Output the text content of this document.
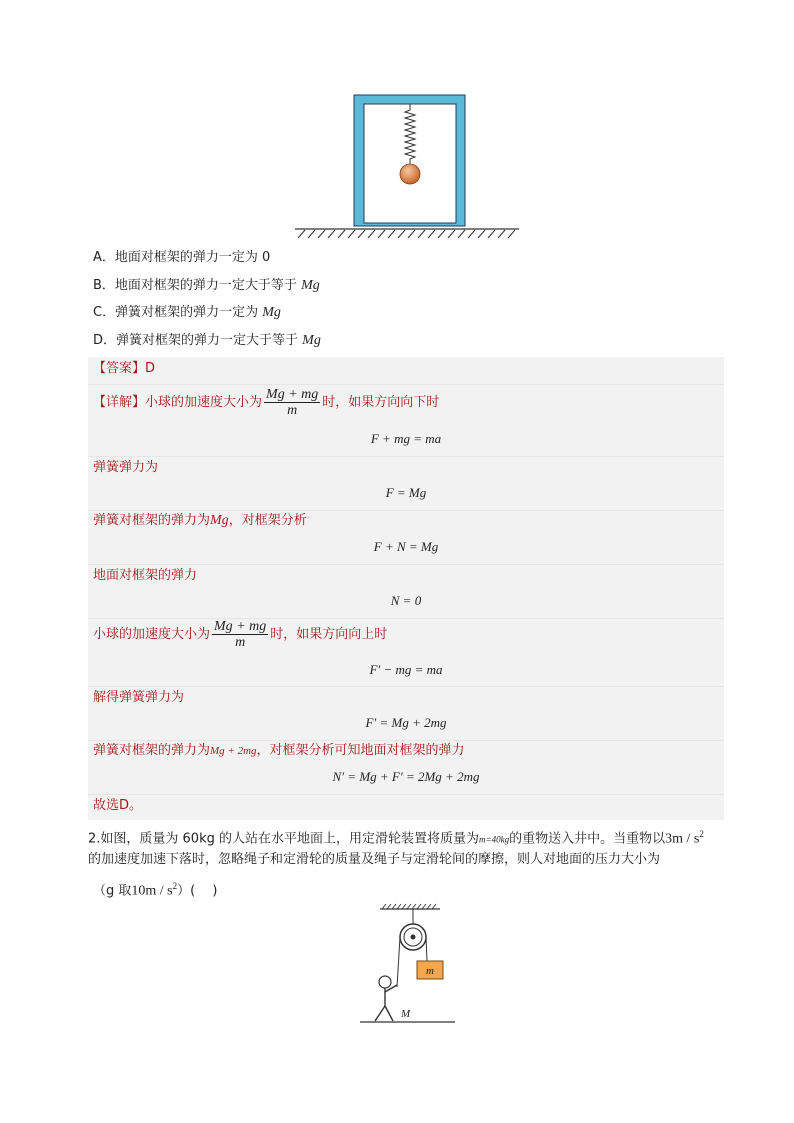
A．地面对框架的弹力一定为 0
B．地面对框架的弹力一定大于等于 Mg
C．弹簧对框架的弹力一定为 Mg
D．弹簧对框架的弹力一定大于等于 Mg
【答案】D
【详解】小球的加速度大小为 $\frac{Mg + mg}{m}$ 时，如果方向向下时
F + mg = ma
弹簧弹力为
F = Mg
弹簧对框架的弹力为Mg，对框架分析
F + N = Mg
地面对框架的弹力
N = 0
小球的加速度大小为 $\frac{Mg + mg}{m}$ 时，如果方向向上时
F′ − mg = ma
解得弹簧弹力为
F′ = Mg + 2mg
弹簧对框架的弹力为Mg + 2mg，对框架分析可知地面对框架的弹力
N′ = Mg + F′ = 2Mg + 2mg
故选D。
2.如图，质量为 60kg 的人站在水平地面上，用定滑轮装置将质量为m=40kg的重物送入井中。当重物以$3m / s^2$
的加速度加速下落时，忽略绳子和定滑轮的质量及绳子与定滑轮间的摩擦，则人对地面的压力大小为
（g 取$10m / s^2$）(　 )
m
M
